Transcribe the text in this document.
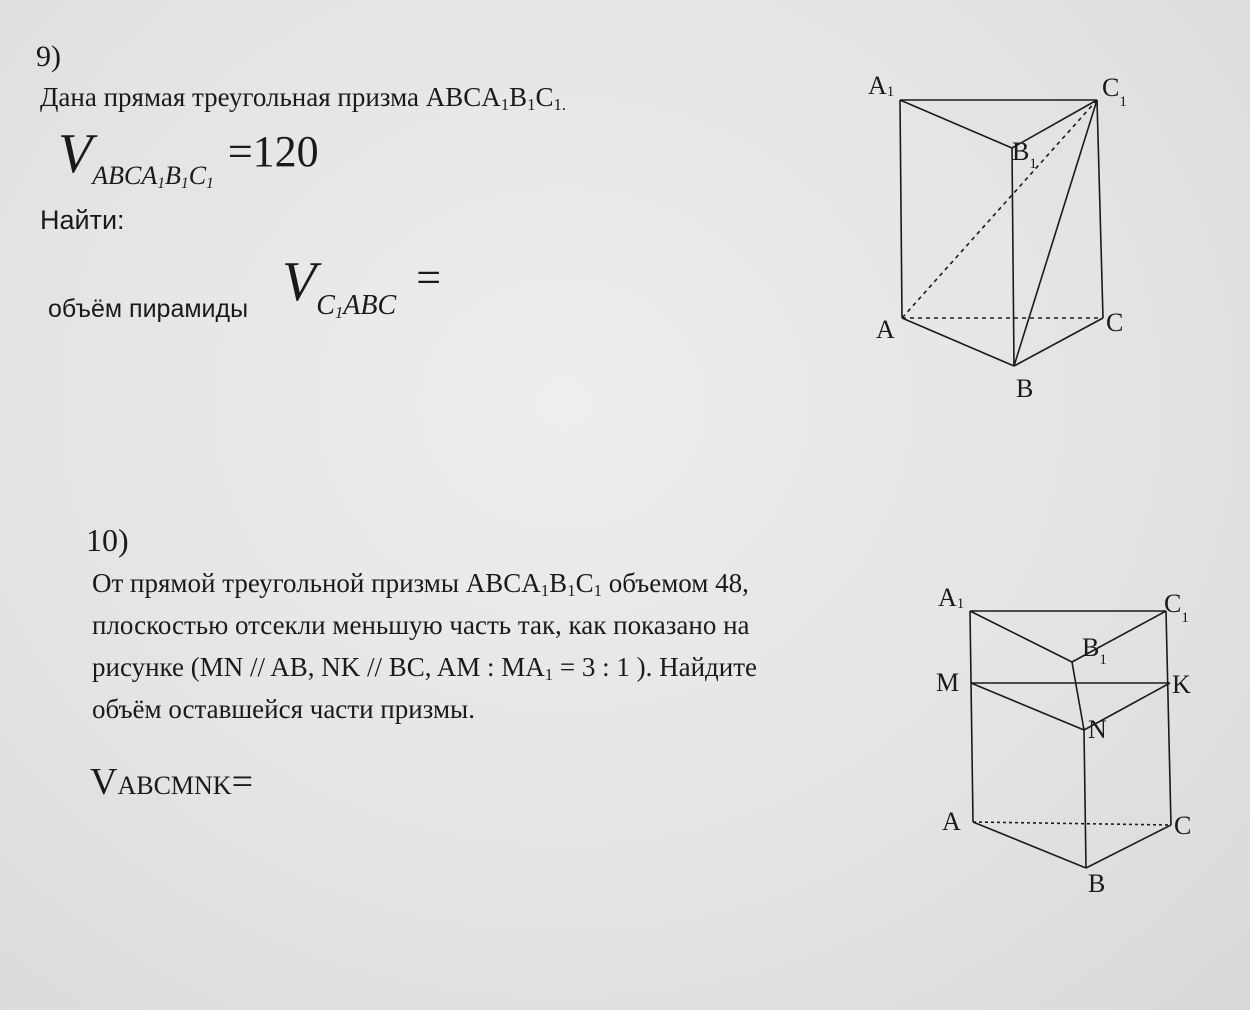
9)
Дана прямая треугольная призма $ABCA_1B_1C_{1.}$
$VABCA_1B_1C_1=120$
Найти:
объём пирамиды $VC_1ABC=$
10)
От прямой треугольной призмы $ABCA_1B_1C_1$ объемом 48,
плоскостью отсекли меньшую часть так, как показано на
рисунке (MN // AB, NK // BC, AM : $MA_1 = 3$ : 1 ). Найдите
объём оставшейся части призмы.
VABCMNK=
A1	$C_1$
$B_1$
A	C
B
A1	$C_1$
$B_1$
M	K
N
A	C
B
